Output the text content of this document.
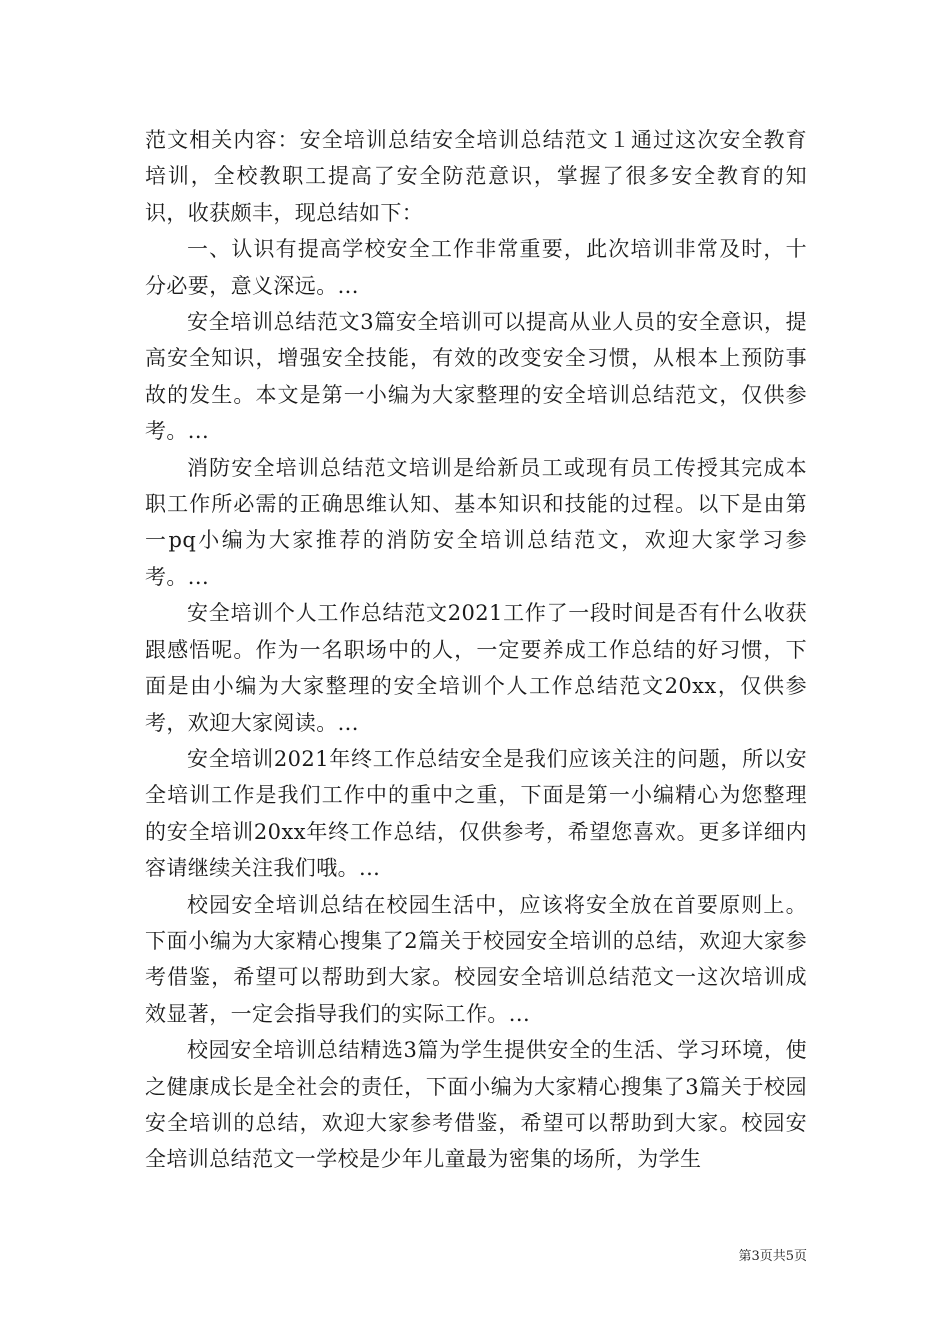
范文相关内容：安全培训总结安全培训总结范文１通过这次安全教育培训，全校教职工提高了安全防范意识，掌握了很多安全教育的知识，收获颇丰，现总结如下：

一、认识有提高学校安全工作非常重要，此次培训非常及时，十分必要，意义深远。...

安全培训总结范文3篇安全培训可以提高从业人员的安全意识，提高安全知识，增强安全技能，有效的改变安全习惯，从根本上预防事故的发生。本文是第一小编为大家整理的安全培训总结范文，仅供参考。...

消防安全培训总结范文培训是给新员工或现有员工传授其完成本职工作所必需的正确思维认知、基本知识和技能的过程。以下是由第一pq小编为大家推荐的消防安全培训总结范文，欢迎大家学习参考。...

安全培训个人工作总结范文2021工作了一段时间是否有什么收获跟感悟呢。作为一名职场中的人，一定要养成工作总结的好习惯，下面是由小编为大家整理的安全培训个人工作总结范文20xx，仅供参考，欢迎大家阅读。...

安全培训2021年终工作总结安全是我们应该关注的问题，所以安全培训工作是我们工作中的重中之重，下面是第一小编精心为您整理的安全培训20xx年终工作总结，仅供参考，希望您喜欢。更多详细内容请继续关注我们哦。...

校园安全培训总结在校园生活中，应该将安全放在首要原则上。下面小编为大家精心搜集了2篇关于校园安全培训的总结，欢迎大家参考借鉴，希望可以帮助到大家。校园安全培训总结范文一这次培训成效显著，一定会指导我们的实际工作。...

校园安全培训总结精选3篇为学生提供安全的生活、学习环境，使之健康成长是全社会的责任，下面小编为大家精心搜集了3篇关于校园安全培训的总结，欢迎大家参考借鉴，希望可以帮助到大家。校园安全培训总结范文一学校是少年儿童最为密集的场所，为学生

第3页共5页
